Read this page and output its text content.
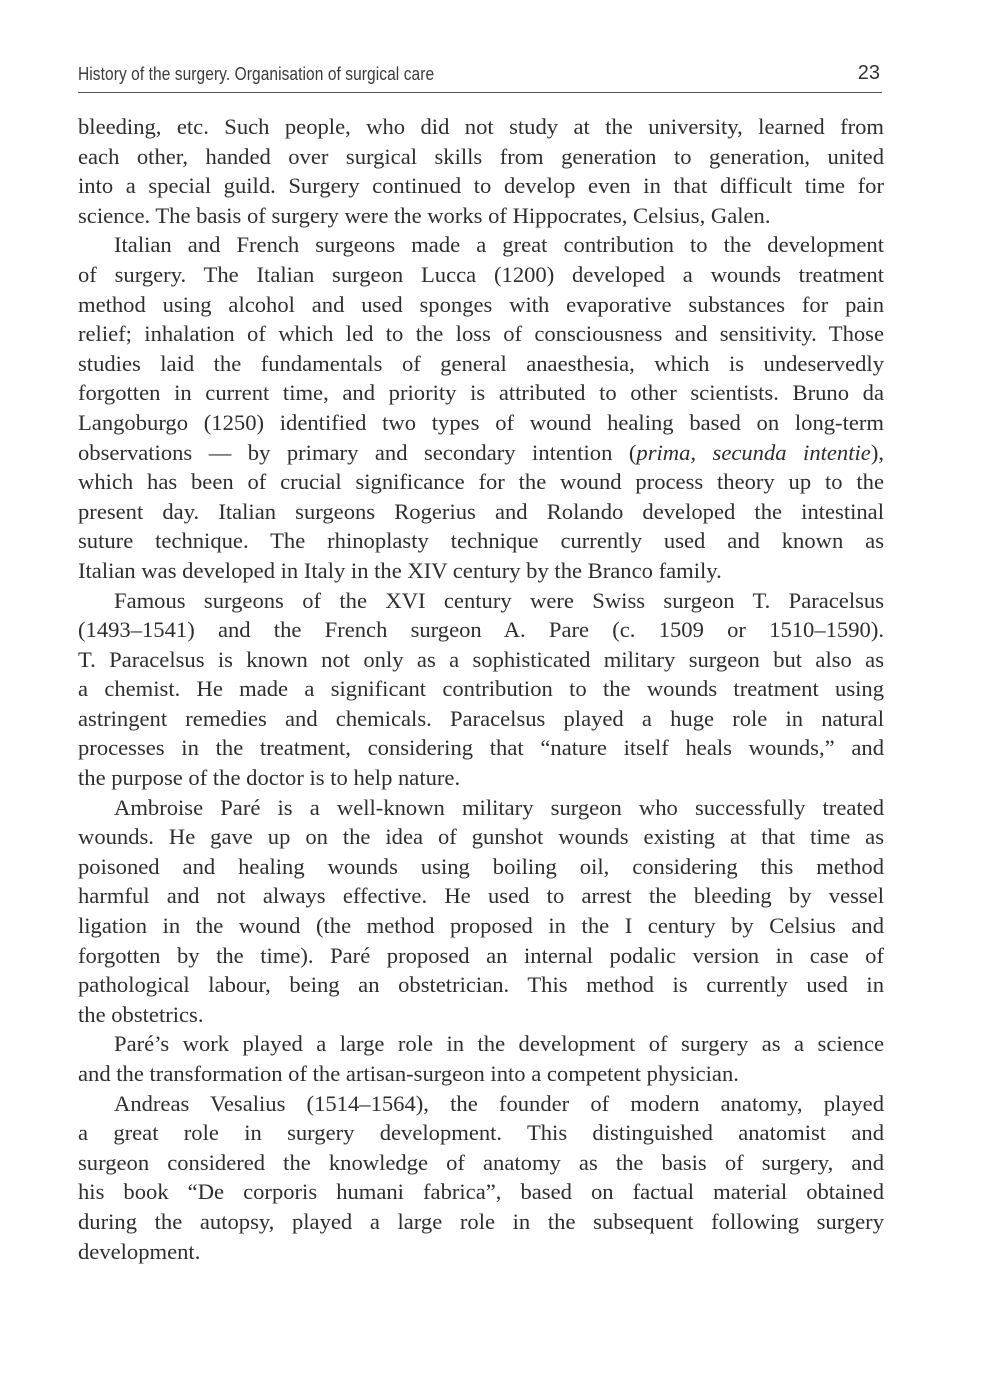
History of the surgery. Organisation of surgical care	23

bleeding, etc. Such people, who did not study at the university, learned from
each other, handed over surgical skills from generation to generation, united
into a special guild. Surgery continued to develop even in that difficult time for
science. The basis of surgery were the works of Hippocrates, Celsius, Galen.

Italian and French surgeons made a great contribution to the development
of surgery. The Italian surgeon Lucca (1200) developed a wounds treatment
method using alcohol and used sponges with evaporative substances for pain
relief; inhalation of which led to the loss of consciousness and sensitivity. Those
studies laid the fundamentals of general anaesthesia, which is undeservedly
forgotten in current time, and priority is attributed to other scientists. Bruno da
Langoburgo (1250) identified two types of wound healing based on long-term
observations — by primary and secondary intention (prima, secunda intentie),
which has been of crucial significance for the wound process theory up to the
present day. Italian surgeons Rogerius and Rolando developed the intestinal
suture technique. The rhinoplasty technique currently used and known as
Italian was developed in Italy in the XIV century by the Branco family.

Famous surgeons of the XVI century were Swiss surgeon T. Paracelsus
(1493–1541) and the French surgeon A. Pare (c. 1509 or 1510–1590).
T. Paracelsus is known not only as a sophisticated military surgeon but also as
a chemist. He made a significant contribution to the wounds treatment using
astringent remedies and chemicals. Paracelsus played a huge role in natural
processes in the treatment, considering that “nature itself heals wounds,” and
the purpose of the doctor is to help nature.

Ambroise Paré is a well-known military surgeon who successfully treated
wounds. He gave up on the idea of gunshot wounds existing at that time as
poisoned and healing wounds using boiling oil, considering this method
harmful and not always effective. He used to arrest the bleeding by vessel
ligation in the wound (the method proposed in the I century by Celsius and
forgotten by the time). Paré proposed an internal podalic version in case of
pathological labour, being an obstetrician. This method is currently used in
the obstetrics.

Paré’s work played a large role in the development of surgery as a science
and the transformation of the artisan-surgeon into a competent physician.

Andreas Vesalius (1514–1564), the founder of modern anatomy, played
a great role in surgery development. This distinguished anatomist and
surgeon considered the knowledge of anatomy as the basis of surgery, and
his book “De corporis humani fabrica”, based on factual material obtained
during the autopsy, played a large role in the subsequent following surgery
development.
